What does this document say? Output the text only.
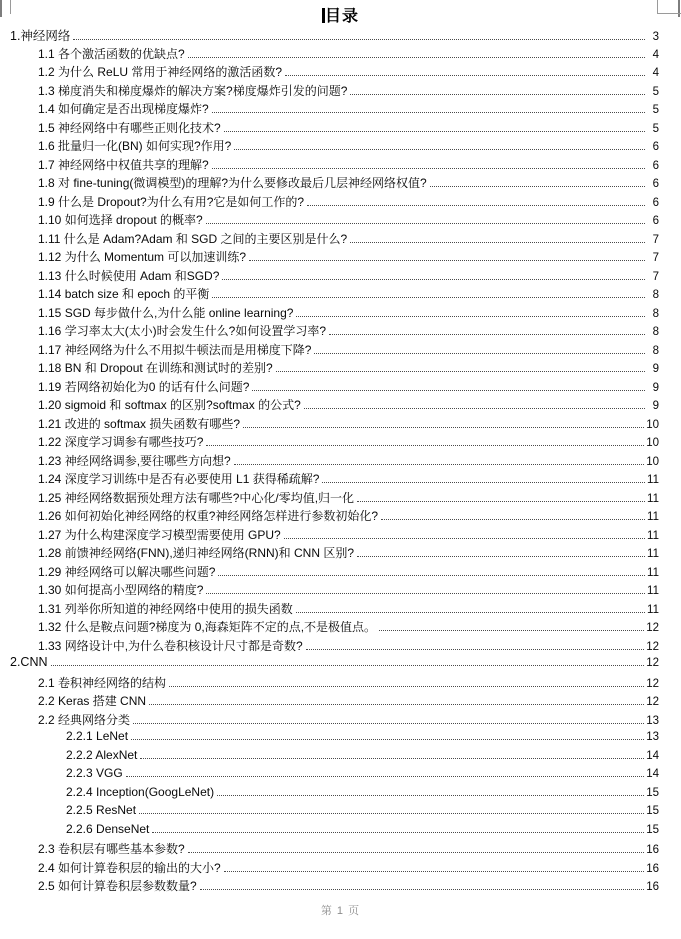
目录
1.神经网络	3
1.1 各个激活函数的优缺点?	4
1.2 为什么 ReLU 常用于神经网络的激活函数?	4
1.3 梯度消失和梯度爆炸的解决方案?梯度爆炸引发的问题?	5
1.4 如何确定是否出现梯度爆炸?	5
1.5 神经网络中有哪些正则化技术?	5
1.6 批量归一化(BN) 如何实现?作用?	6
1.7 神经网络中权值共享的理解?	6
1.8 对 fine-tuning(微调模型)的理解?为什么要修改最后几层神经网络权值?	6
1.9 什么是 Dropout?为什么有用?它是如何工作的?	6
1.10 如何选择 dropout 的概率?	6
1.11 什么是 Adam?Adam 和 SGD 之间的主要区别是什么?	7
1.12 为什么 Momentum 可以加速训练?	7
1.13 什么时候使用 Adam 和SGD?	7
1.14 batch size 和 epoch 的平衡	8
1.15 SGD 每步做什么,为什么能 online learning?	8
1.16 学习率太大(太小)时会发生什么?如何设置学习率?	8
1.17 神经网络为什么不用拟牛顿法而是用梯度下降?	8
1.18 BN 和 Dropout 在训练和测试时的差别?	9
1.19 若网络初始化为0 的话有什么问题?	9
1.20 sigmoid 和 softmax 的区别?softmax 的公式?	9
1.21 改进的 softmax 损失函数有哪些?	10
1.22 深度学习调参有哪些技巧?	10
1.23 神经网络调参,要往哪些方向想?	10
1.24 深度学习训练中是否有必要使用 L1 获得稀疏解?	11
1.25 神经网络数据预处理方法有哪些?中心化/零均值,归一化	11
1.26 如何初始化神经网络的权重?神经网络怎样进行参数初始化?	11
1.27 为什么构建深度学习模型需要使用 GPU?	11
1.28 前馈神经网络(FNN),递归神经网络(RNN)和 CNN 区别?	11
1.29 神经网络可以解决哪些问题?	11
1.30 如何提高小型网络的精度?	11
1.31 列举你所知道的神经网络中使用的损失函数	11
1.32 什么是鞍点问题?梯度为 0,海森矩阵不定的点,不是极值点。	12
1.33 网络设计中,为什么卷积核设计尺寸都是奇数?	12
2.CNN	12
2.1 卷积神经网络的结构	12
2.2 Keras 搭建 CNN	12
2.2 经典网络分类	13
2.2.1 LeNet	13
2.2.2 AlexNet	14
2.2.3 VGG	14
2.2.4 Inception(GoogLeNet)	15
2.2.5 ResNet	15
2.2.6 DenseNet	15
2.3 卷积层有哪些基本参数?	16
2.4 如何计算卷积层的输出的大小?	16
2.5 如何计算卷积层参数数量?	16
第 1 页
